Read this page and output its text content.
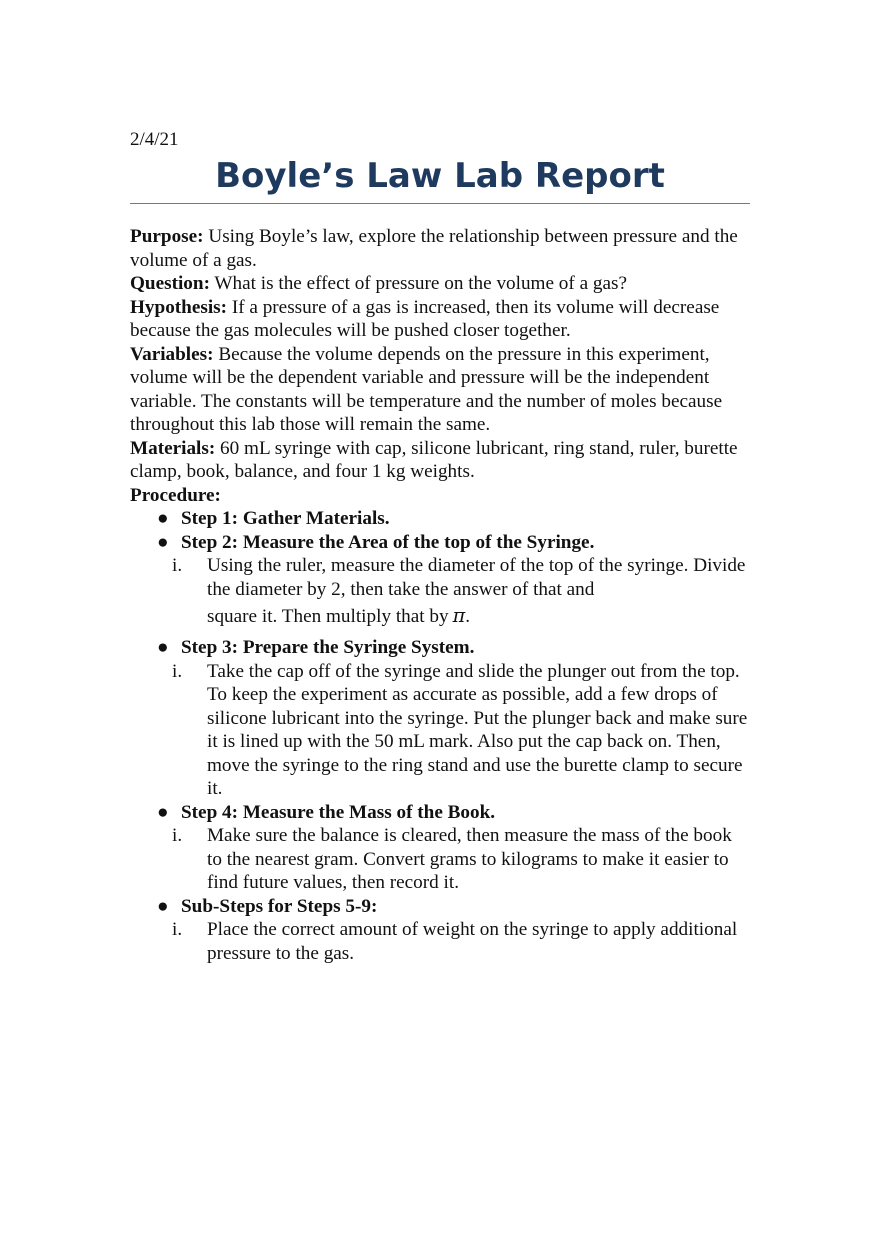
2/4/21

Boyle’s Law Lab Report

Purpose: Using Boyle’s law, explore the relationship between pressure and the volume of a gas.

Question: What is the effect of pressure on the volume of a gas?

Hypothesis: If a pressure of a gas is increased, then its volume will decrease because the gas molecules will be pushed closer together.

Variables: Because the volume depends on the pressure in this experiment, volume will be the dependent variable and pressure will be the independent variable. The constants will be temperature and the number of moles because throughout this lab those will remain the same.

Materials: 60 mL syringe with cap, silicone lubricant, ring stand, ruler, burette clamp, book, balance, and four 1 kg weights.

Procedure:

● Step 1: Gather Materials.
● Step 2: Measure the Area of the top of the Syringe.
i. Using the ruler, measure the diameter of the top of the syringe. Divide the diameter by 2, then take the answer of that and
square it. Then multiply that by π.
● Step 3: Prepare the Syringe System.
i. Take the cap off of the syringe and slide the plunger out from the top. To keep the experiment as accurate as possible, add a few drops of silicone lubricant into the syringe. Put the plunger back and make sure it is lined up with the 50 mL mark. Also put the cap back on. Then, move the syringe to the ring stand and use the burette clamp to secure it.
● Step 4: Measure the Mass of the Book.
i. Make sure the balance is cleared, then measure the mass of the book to the nearest gram. Convert grams to kilograms to make it easier to find future values, then record it.
● Sub-Steps for Steps 5-9:
i. Place the correct amount of weight on the syringe to apply additional pressure to the gas.
